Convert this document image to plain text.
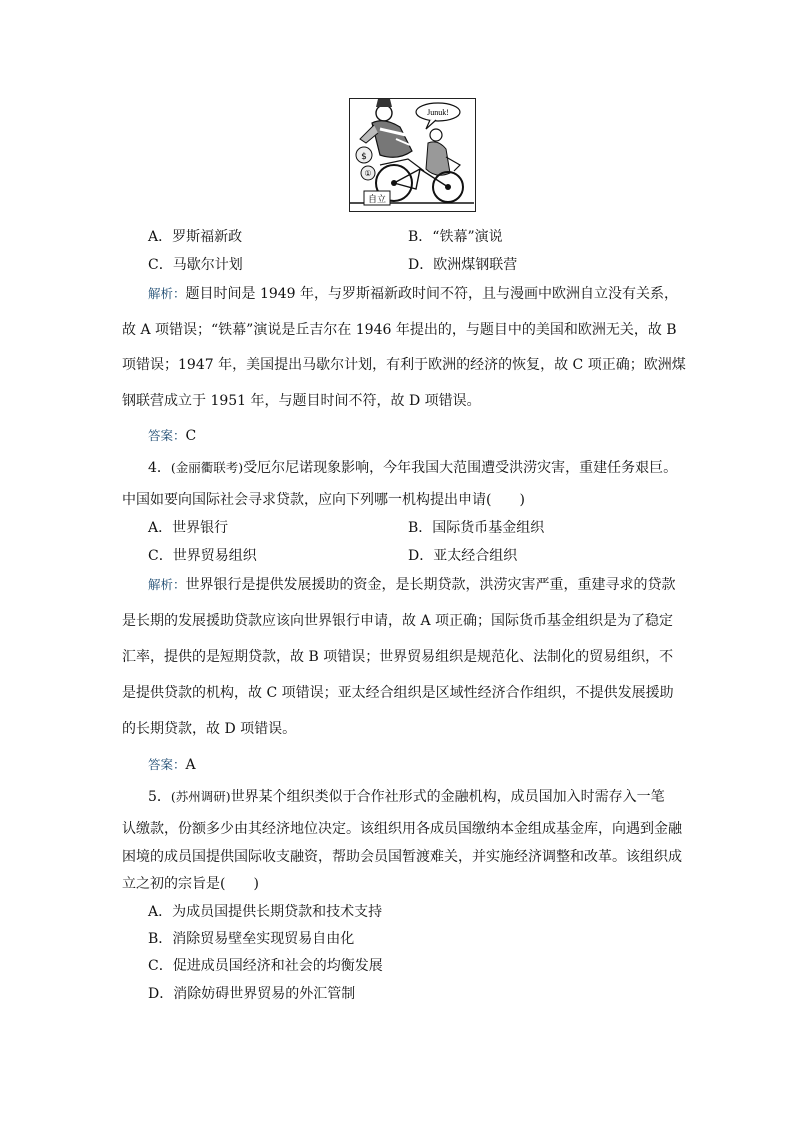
Junuk!
$
①
自立
A．罗斯福新政	B．“铁幕”演说
C．马歇尔计划	D．欧洲煤钢联营
解析：题目时间是 1949 年，与罗斯福新政时间不符，且与漫画中欧洲自立没有关系，
故 A 项错误；“铁幕”演说是丘吉尔在 1946 年提出的，与题目中的美国和欧洲无关，故 B
项错误；1947 年，美国提出马歇尔计划，有利于欧洲的经济的恢复，故 C 项正确；欧洲煤
钢联营成立于 1951 年，与题目时间不符，故 D 项错误。
答案：C
4．(金丽衢联考)受厄尔尼诺现象影响，今年我国大范围遭受洪涝灾害，重建任务艰巨。
中国如要向国际社会寻求贷款，应向下列哪一机构提出申请(　　)
A．世界银行	B．国际货币基金组织
C．世界贸易组织	D．亚太经合组织
解析：世界银行是提供发展援助的资金，是长期贷款，洪涝灾害严重，重建寻求的贷款
是长期的发展援助贷款应该向世界银行申请，故 A 项正确；国际货币基金组织是为了稳定
汇率，提供的是短期贷款，故 B 项错误；世界贸易组织是规范化、法制化的贸易组织，不
是提供贷款的机构，故 C 项错误；亚太经合组织是区域性经济合作组织，不提供发展援助
的长期贷款，故 D 项错误。
答案：A
5．(苏州调研)世界某个组织类似于合作社形式的金融机构，成员国加入时需存入一笔
认缴款，份额多少由其经济地位决定。该组织用各成员国缴纳本金组成基金库，向遇到金融
困境的成员国提供国际收支融资，帮助会员国暂渡难关，并实施经济调整和改革。该组织成
立之初的宗旨是(　　)
A．为成员国提供长期贷款和技术支持
B．消除贸易壁垒实现贸易自由化
C．促进成员国经济和社会的均衡发展
D．消除妨碍世界贸易的外汇管制
